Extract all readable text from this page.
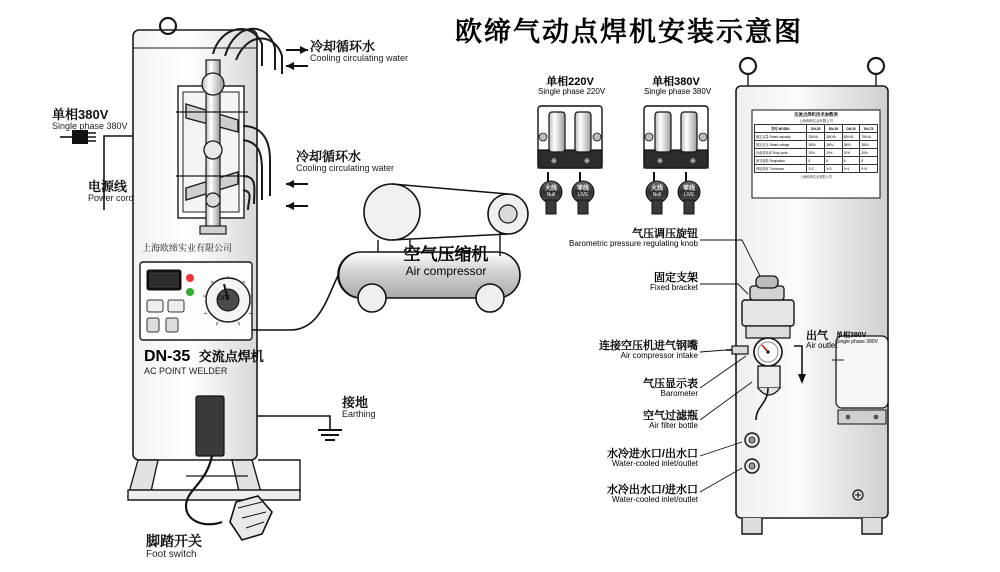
欧缔气动点焊机安装示意图
⊕	⊕	⊕	⊕
冷却循环水
Cooling circulating water
冷却循环水
Cooling circulating water
单相380V
Single phase 380V
电源线
Power cord
上海欧缔实业有限公司
DN-35 交流点焊机
AC POINT WELDER
OFF
接地
Earthing
脚踏开关
Foot switch
空气压缩机
Air compressor
单相220V
Single phase 220V
单相380V
Single phase 380V
火线
Null
零线
LIVE
火线
Null
零线
LIVE
气压调压旋钮
Barometric pressure regulating knob
固定支架
Fixed bracket
连接空压机进气钢嘴
Air compressor intake
气压显示表
Barometer
空气过滤瓶
Air filter bottle
水冷进水口/出水口
Water-cooled inlet/outlet
水冷出水口/进水口
Water-cooled inlet/outlet
出气
Air outlet
单相380V
Single phase 380V
交流点焊机技术参数表
上海欧缔实业有限公司
型号 MODEL	DN-25	DN-35	DN-50	DN-75
额定容量 Rated capacity	25KVA	35KVA	50KVA	75KVA
额定电压 Rated voltage	380V	380V	380V	380V
负载持续率 Duty cycle	20%	20%	20%	20%
调节级数 Regulation	8	8	8	8
焊接厚度 Thickness	2+2	3+3	4+4	5+5
上海欧缔实业有限公司
